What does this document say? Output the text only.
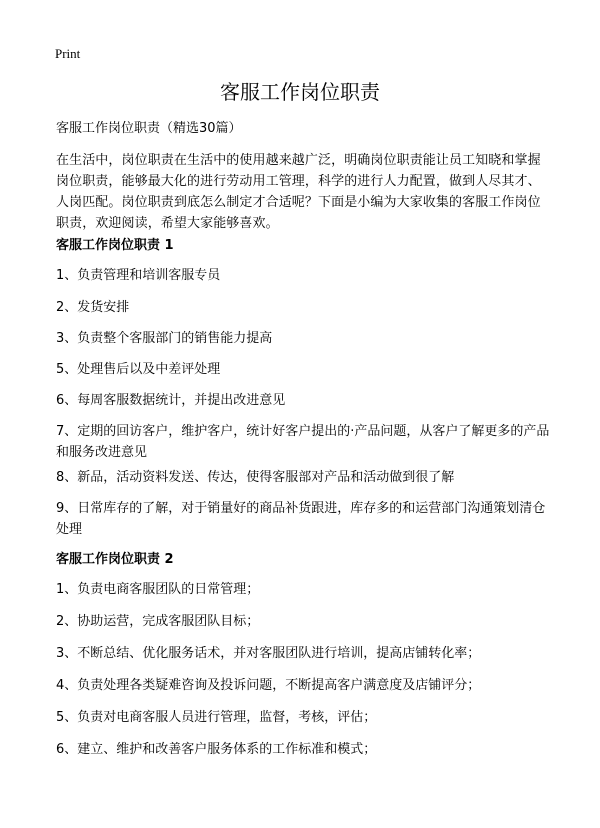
Print
客服工作岗位职责
客服工作岗位职责（精选30篇）
在生活中，岗位职责在生活中的使用越来越广泛，明确岗位职责能让员工知晓和掌握岗位职责，能够最大化的进行劳动用工管理，科学的进行人力配置，做到人尽其才、人岗匹配。岗位职责到底怎么制定才合适呢？下面是小编为大家收集的客服工作岗位职责，欢迎阅读，希望大家能够喜欢。
客服工作岗位职责 1
1、负责管理和培训客服专员
2、发货安排
3、负责整个客服部门的销售能力提高
5、处理售后以及中差评处理
6、每周客服数据统计，并提出改进意见
7、定期的回访客户，维护客户，统计好客户提出的·产品问题，从客户了解更多的产品和服务改进意见
8、新品，活动资料发送、传达，使得客服部对产品和活动做到很了解
9、日常库存的了解，对于销量好的商品补货跟进，库存多的和运营部门沟通策划清仓处理
客服工作岗位职责 2
1、负责电商客服团队的日常管理；
2、协助运营，完成客服团队目标；
3、不断总结、优化服务话术，并对客服团队进行培训，提高店铺转化率；
4、负责处理各类疑难咨询及投诉问题，不断提高客户满意度及店铺评分；
5、负责对电商客服人员进行管理，监督，考核，评估；
6、建立、维护和改善客户服务体系的工作标准和模式；
